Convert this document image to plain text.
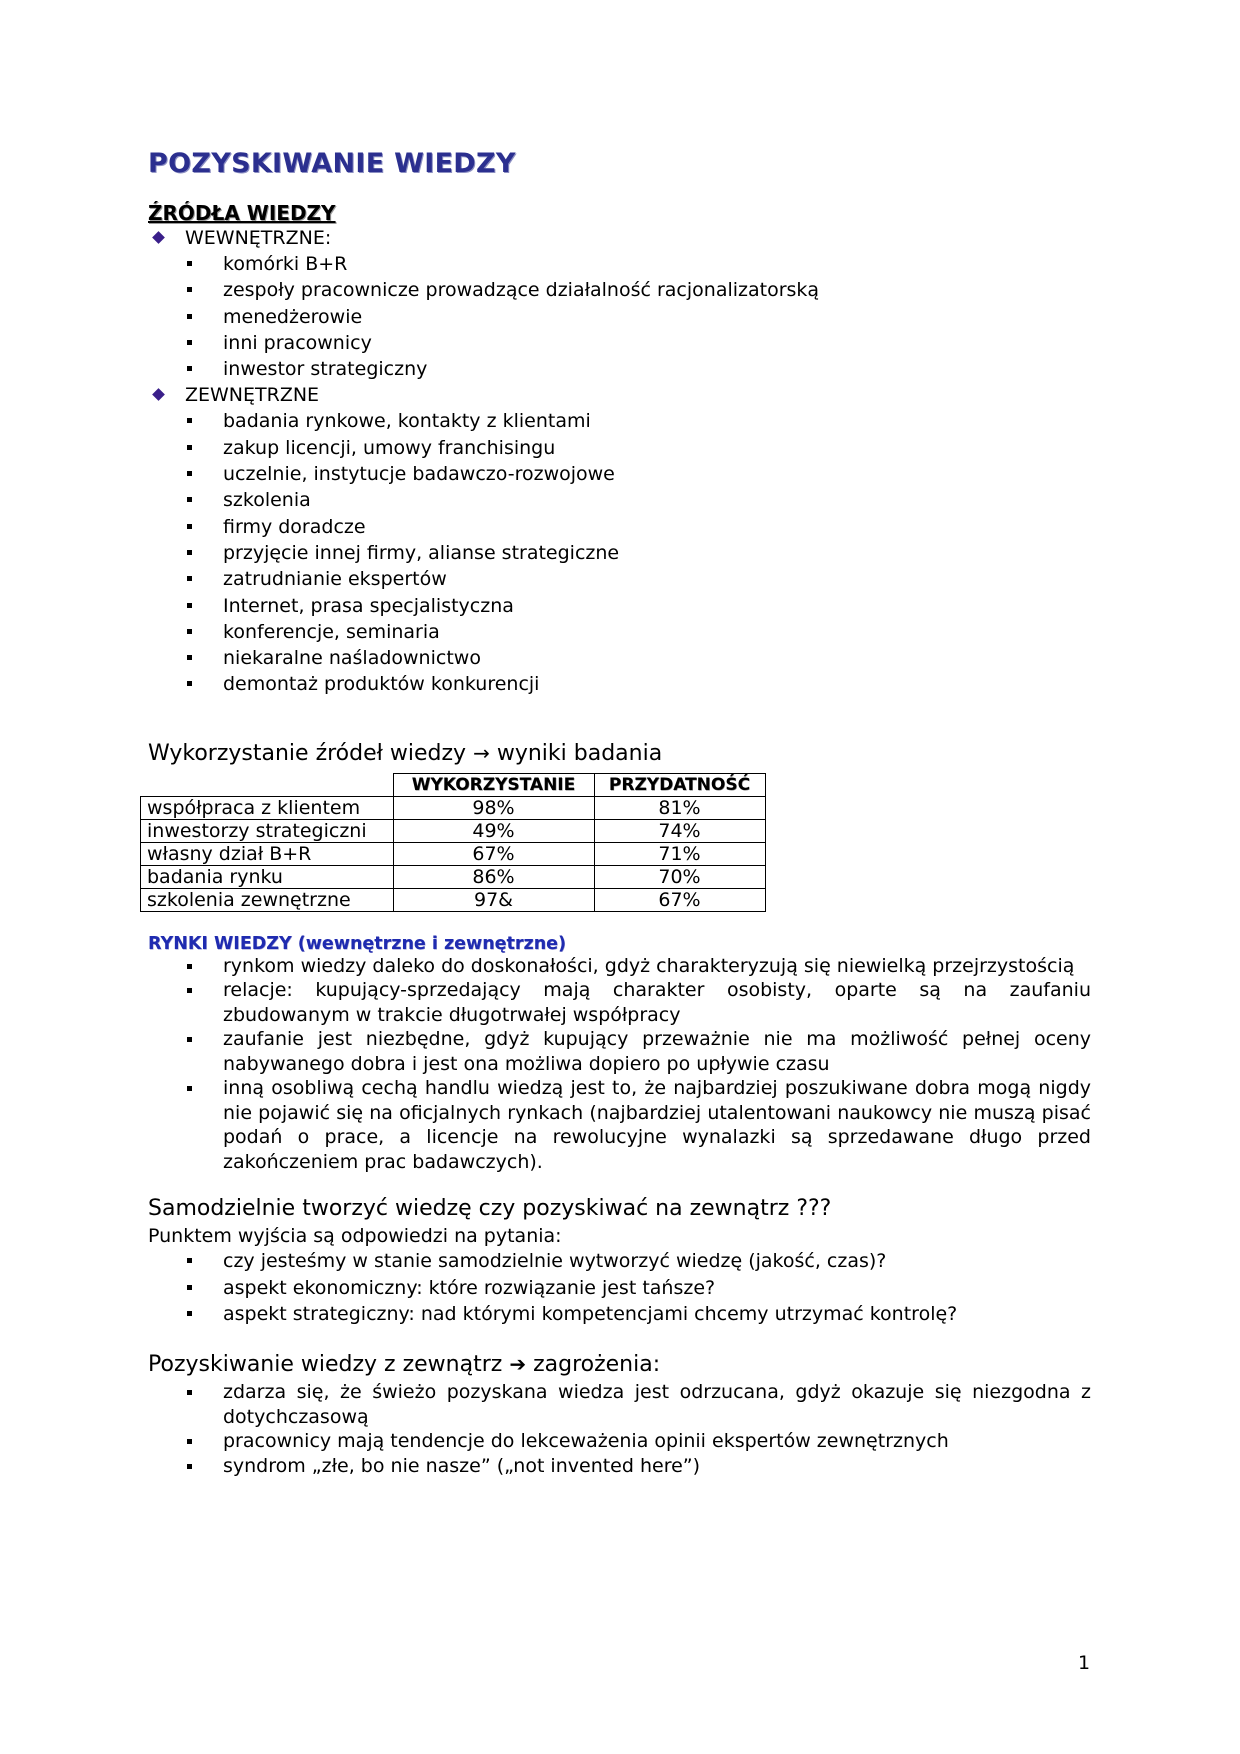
POZYSKIWANIE WIEDZY
ŹRÓDŁA WIEDZY
WEWNĘTRZNE:
komórki B+R
zespoły pracownicze prowadzące działalność racjonalizatorską
menedżerowie
inni pracownicy
inwestor strategiczny
ZEWNĘTRZNE
badania rynkowe, kontakty z klientami
zakup licencji, umowy franchisingu
uczelnie, instytucje badawczo-rozwojowe
szkolenia
firmy doradcze
przyjęcie innej firmy, alianse strategiczne
zatrudnianie ekspertów
Internet, prasa specjalistyczna
konferencje, seminaria
niekaralne naśladownictwo
demontaż produktów konkurencji
Wykorzystanie źródeł wiedzy → wyniki badania
	WYKORZYSTANIE	PRZYDATNOŚĆ
współpraca z klientem	98%	81%
inwestorzy strategiczni	49%	74%
własny dział B+R	67%	71%
badania rynku	86%	70%
szkolenia zewnętrzne	97&	67%
RYNKI WIEDZY (wewnętrzne i zewnętrzne)
rynkom wiedzy daleko do doskonałości, gdyż charakteryzują się niewielką przejrzystością
relacje: kupujący-sprzedający mają charakter osobisty, oparte są na zaufaniu zbudowanym w trakcie długotrwałej współpracy
zaufanie jest niezbędne, gdyż kupujący przeważnie nie ma możliwość pełnej oceny nabywanego dobra i jest ona możliwa dopiero po upływie czasu
inną osobliwą cechą handlu wiedzą jest to, że najbardziej poszukiwane dobra mogą nigdy nie pojawić się na oficjalnych rynkach (najbardziej utalentowani naukowcy nie muszą pisać podań o prace, a licencje na rewolucyjne wynalazki są sprzedawane długo przed zakończeniem prac badawczych).
Samodzielnie tworzyć wiedzę czy pozyskiwać na zewnątrz ???
Punktem wyjścia są odpowiedzi na pytania:
czy jesteśmy w stanie samodzielnie wytworzyć wiedzę (jakość, czas)?
aspekt ekonomiczny: które rozwiązanie jest tańsze?
aspekt strategiczny: nad którymi kompetencjami chcemy utrzymać kontrolę?
Pozyskiwanie wiedzy z zewnątrz ➔ zagrożenia:
zdarza się, że świeżo pozyskana wiedza jest odrzucana, gdyż okazuje się niezgodna z dotychczasową
pracownicy mają tendencje do lekceważenia opinii ekspertów zewnętrznych
syndrom „złe, bo nie nasze” („not invented here”)
1
